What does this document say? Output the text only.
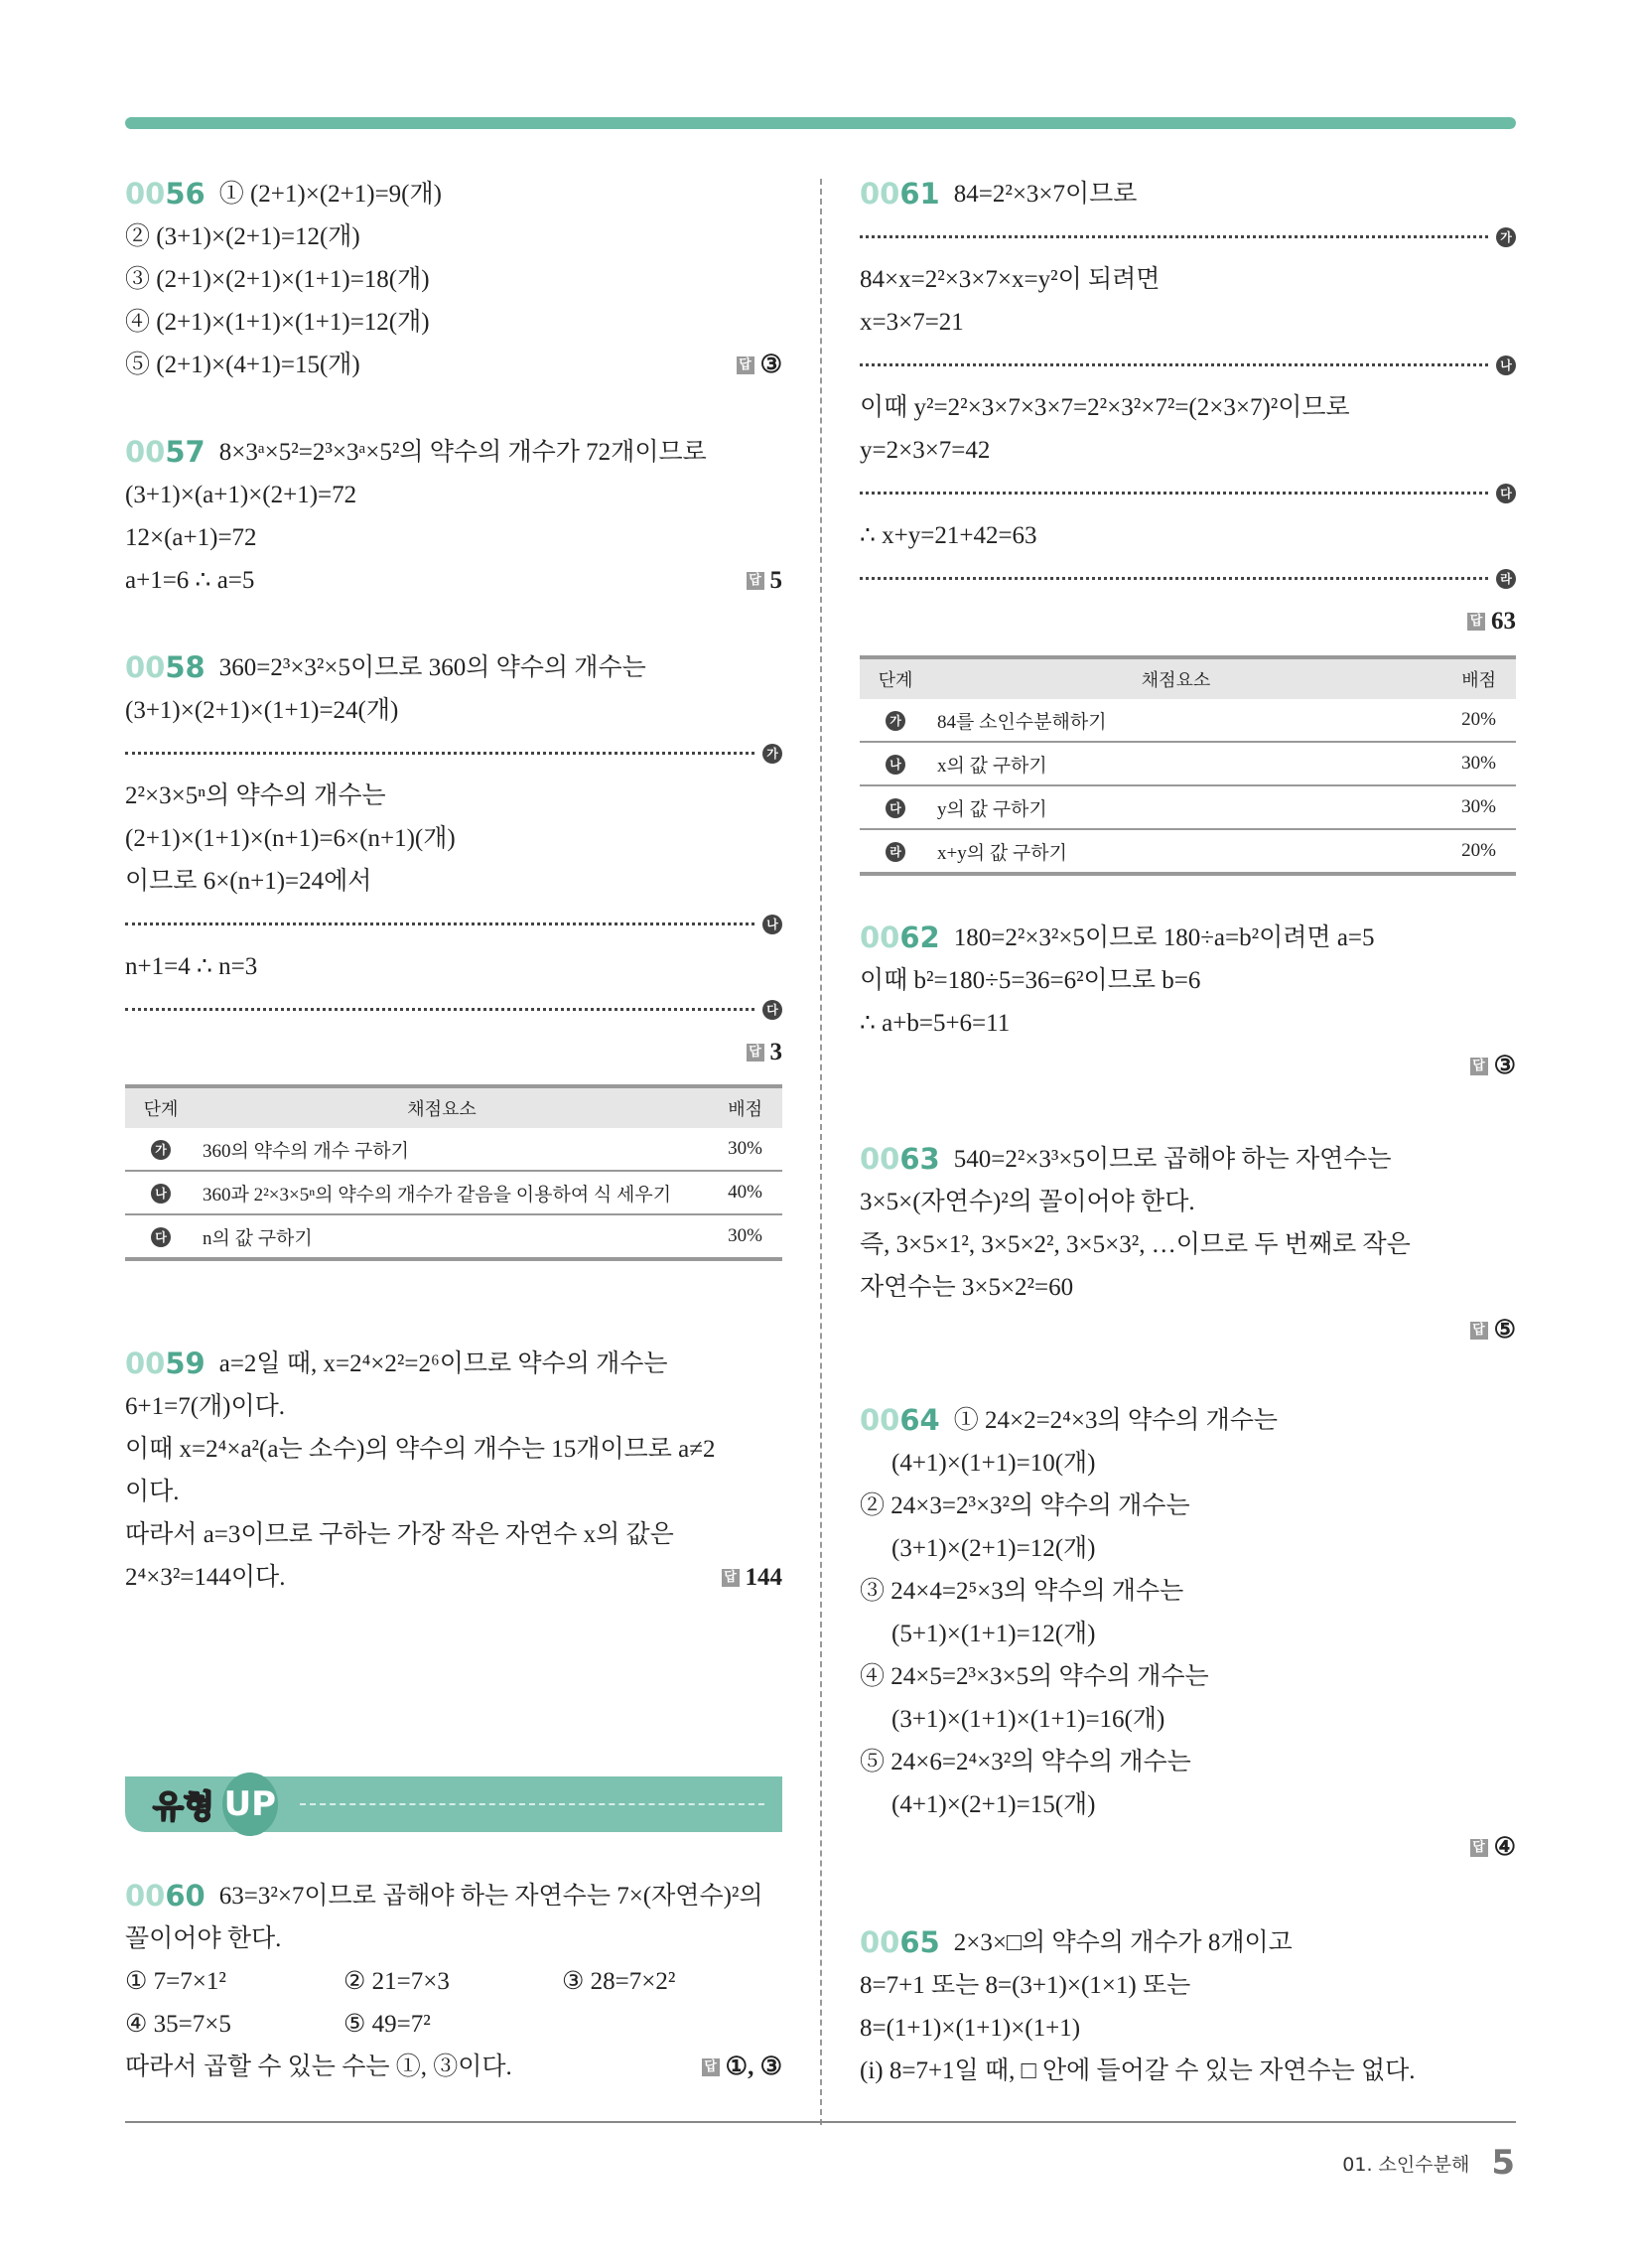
0056 ① (2+1)×(2+1)=9(개)
② (3+1)×(2+1)=12(개)
③ (2+1)×(2+1)×(1+1)=18(개)
④ (2+1)×(1+1)×(1+1)=12(개)
⑤ (2+1)×(4+1)=15(개)	답 ③
0057 8×3ᵃ×5²=2³×3ᵃ×5²의 약수의 개수가 72개이므로
(3+1)×(a+1)×(2+1)=72
12×(a+1)=72
a+1=6 ∴ a=5	답 5
0058 360=2³×3²×5이므로 360의 약수의 개수는
(3+1)×(2+1)×(1+1)=24(개)
가
2²×3×5ⁿ의 약수의 개수는
(2+1)×(1+1)×(n+1)=6×(n+1)(개)
이므로 6×(n+1)=24에서
나
n+1=4 ∴ n=3
다
답 3
0059 a=2일 때, x=2⁴×2²=2⁶이므로 약수의 개수는
6+1=7(개)이다.
이때 x=2⁴×a²(a는 소수)의 약수의 개수는 15개이므로 a≠2
이다.
따라서 a=3이므로 구하는 가장 작은 자연수 x의 값은
2⁴×3²=144이다.	답 144
0060 63=3²×7이므로 곱해야 하는 자연수는 7×(자연수)²의
꼴이어야 한다.
① 7=7×1²	② 21=7×3	③ 28=7×2²
④ 35=7×5	⑤ 49=7²
따라서 곱할 수 있는 수는 ①, ③이다.	답 ①, ③
0061 84=2²×3×7이므로
가
84×x=2²×3×7×x=y²이 되려면
x=3×7=21
나
이때 y²=2²×3×7×3×7=2²×3²×7²=(2×3×7)²이므로
y=2×3×7=42
다
∴ x+y=21+42=63
라
답 63
0062 180=2²×3²×5이므로 180÷a=b²이려면 a=5
이때 b²=180÷5=36=6²이므로 b=6
∴ a+b=5+6=11
답 ③
0063 540=2²×3³×5이므로 곱해야 하는 자연수는
3×5×(자연수)²의 꼴이어야 한다.
즉, 3×5×1², 3×5×2², 3×5×3², …이므로 두 번째로 작은
자연수는 3×5×2²=60
답 ⑤
0064 ① 24×2=2⁴×3의 약수의 개수는
(4+1)×(1+1)=10(개)
② 24×3=2³×3²의 약수의 개수는
(3+1)×(2+1)=12(개)
③ 24×4=2⁵×3의 약수의 개수는
(5+1)×(1+1)=12(개)
④ 24×5=2³×3×5의 약수의 개수는
(3+1)×(1+1)×(1+1)=16(개)
⑤ 24×6=2⁴×3²의 약수의 개수는
(4+1)×(2+1)=15(개)
답 ④
0065 2×3×□의 약수의 개수가 8개이고
8=7+1 또는 8=(3+1)×(1×1) 또는
8=(1+1)×(1+1)×(1+1)
(i) 8=7+1일 때, □ 안에 들어갈 수 있는 자연수는 없다.
단계	채점요소	배점
가	360의 약수의 개수 구하기	30%
나	360과 2²×3×5ⁿ의 약수의 개수가 같음을 이용하여 식 세우기	40%
다	n의 값 구하기	30%
단계	채점요소	배점
가	84를 소인수분해하기	20%
나	x의 값 구하기	30%
다	y의 값 구하기	30%
라	x+y의 값 구하기	20%
유형 UP
01. 소인수분해 5
